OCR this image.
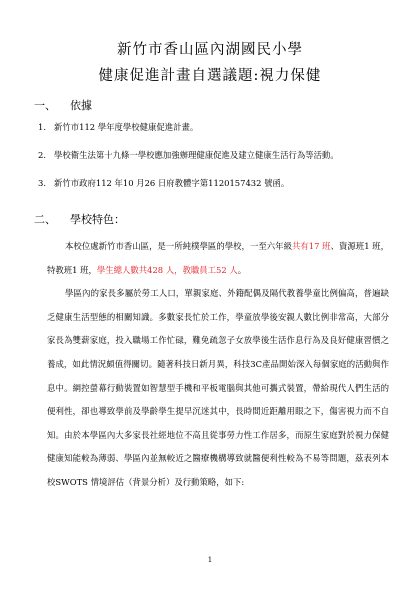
新竹市香山區內湖國民小學
健康促進計畫自選議題:視力保健
一、 依據
1. 新竹市112 學年度學校健康促進計畫。
2. 學校衛生法第十九條一學校應加強辦理健康促進及建立健康生活行為等活動。
3. 新竹市政府112 年10 月26 日府教體字第1120157432 號函。
二、 學校特色：

本校位處新竹市香山區，是一所純樸學區的學校，一至六年級共有17 班、資源班1 班，特教班1 班，學生總人數共428 人，教職員工52 人。

學區內的家長多屬於勞工人口，單親家庭、外籍配偶及隔代教養學童比例偏高，普遍缺乏健康生活型態的相關知識。多數家長忙於工作，學童放學後安親人數比例非常高，大部分家長為雙薪家庭，投入職場工作忙碌，難免疏忽子女放學後生活作息行為及良好健康習慣之養成，如此情況頗值得關切。隨著科技日新月異，科技3C產品開始深入每個家庭的活動與作息中。網控螢幕行動裝置如智慧型手機和平板電腦與其他可攜式裝置，帶給現代人們生活的便利性，卻也導致學前及學齡學生提早沉迷其中，長時間近距離用眼之下，傷害視力而不自知。由於本學區內大多家長社經地位不高且從事勞力性工作居多，而原生家庭對於視力保健健康知能較為薄弱、學區內並無較近之醫療機構導致就醫便利性較為不易等問題，茲表列本校SWOTS 情境評估（背景分析）及行動策略，如下:

1
